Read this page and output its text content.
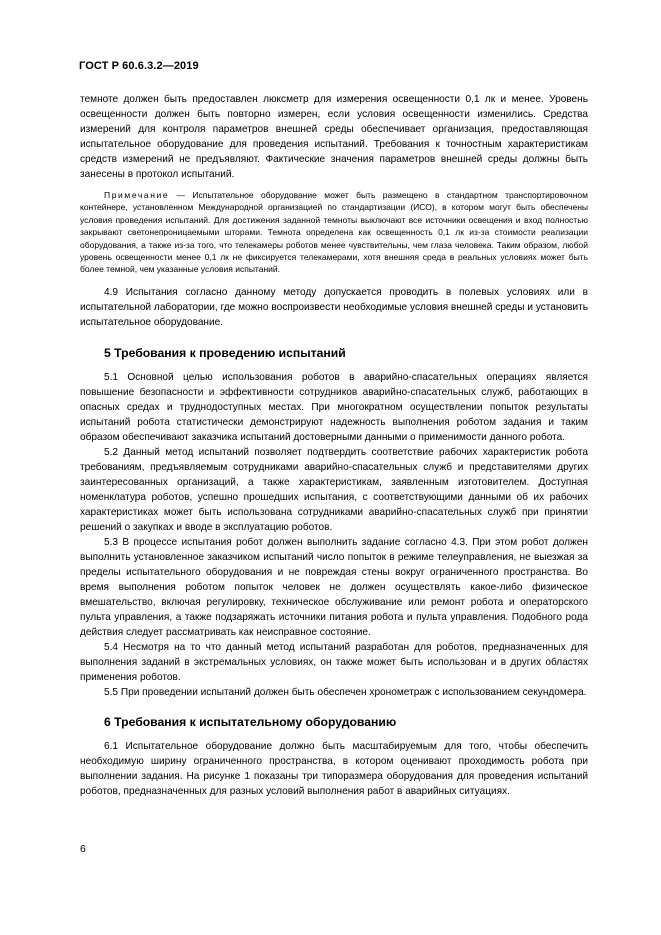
ГОСТ Р 60.6.3.2—2019

темноте должен быть предоставлен люксметр для измерения освещенности 0,1 лк и менее. Уровень освещенности должен быть повторно измерен, если условия освещенности изменились. Средства измерений для контроля параметров внешней среды обеспечивает организация, предоставляющая испытательное оборудование для проведения испытаний. Требования к точностным характеристикам средств измерений не предъявляют. Фактические значения параметров внешней среды должны быть занесены в протокол испытаний.

Примечание — Испытательное оборудование может быть размещено в стандартном транспортировочном контейнере, установленном Международной организацией по стандартизации (ИСО), в котором могут быть обеспечены условия проведения испытаний. Для достижения заданной темноты выключают все источники освещения и вход полностью закрывают светонепроницаемыми шторами. Темнота определена как освещенность 0,1 лк из-за стоимости реализации оборудования, а также из-за того, что телекамеры роботов менее чувствительны, чем глаза человека. Таким образом, любой уровень освещенности менее 0,1 лк не фиксируется телекамерами, хотя внешняя среда в реальных условиях может быть более темной, чем указанные условия испытаний.

4.9 Испытания согласно данному методу допускается проводить в полевых условиях или в испытательной лаборатории, где можно воспроизвести необходимые условия внешней среды и установить испытательное оборудование.

5 Требования к проведению испытаний

5.1 Основной целью использования роботов в аварийно-спасательных операциях является повышение безопасности и эффективности сотрудников аварийно-спасательных служб, работающих в опасных средах и труднодоступных местах. При многократном осуществлении попыток результаты испытаний робота статистически демонстрируют надежность выполнения роботом задания и таким образом обеспечивают заказчика испытаний достоверными данными о применимости данного робота.

5.2 Данный метод испытаний позволяет подтвердить соответствие рабочих характеристик робота требованиям, предъявляемым сотрудниками аварийно-спасательных служб и представителями других заинтересованных организаций, а также характеристикам, заявленным изготовителем. Доступная номенклатура роботов, успешно прошедших испытания, с соответствующими данными об их рабочих характеристиках может быть использована сотрудниками аварийно-спасательных служб при принятии решений о закупках и вводе в эксплуатацию роботов.

5.3 В процессе испытания робот должен выполнить задание согласно 4.3. При этом робот должен выполнить установленное заказчиком испытаний число попыток в режиме телеуправления, не выезжая за пределы испытательного оборудования и не повреждая стены вокруг ограниченного пространства. Во время выполнения роботом попыток человек не должен осуществлять какое-либо физическое вмешательство, включая регулировку, техническое обслуживание или ремонт робота и операторского пульта управления, а также подзаряжать источники питания робота и пульта управления. Подобного рода действия следует рассматривать как неисправное состояние.

5.4 Несмотря на то что данный метод испытаний разработан для роботов, предназначенных для выполнения заданий в экстремальных условиях, он также может быть использован и в других областях применения роботов.

5.5 При проведении испытаний должен быть обеспечен хронометраж с использованием секундомера.

6 Требования к испытательному оборудованию

6.1 Испытательное оборудование должно быть масштабируемым для того, чтобы обеспечить необходимую ширину ограниченного пространства, в котором оценивают проходимость робота при выполнении задания. На рисунке 1 показаны три типоразмера оборудования для проведения испытаний роботов, предназначенных для разных условий выполнения работ в аварийных ситуациях.

6
